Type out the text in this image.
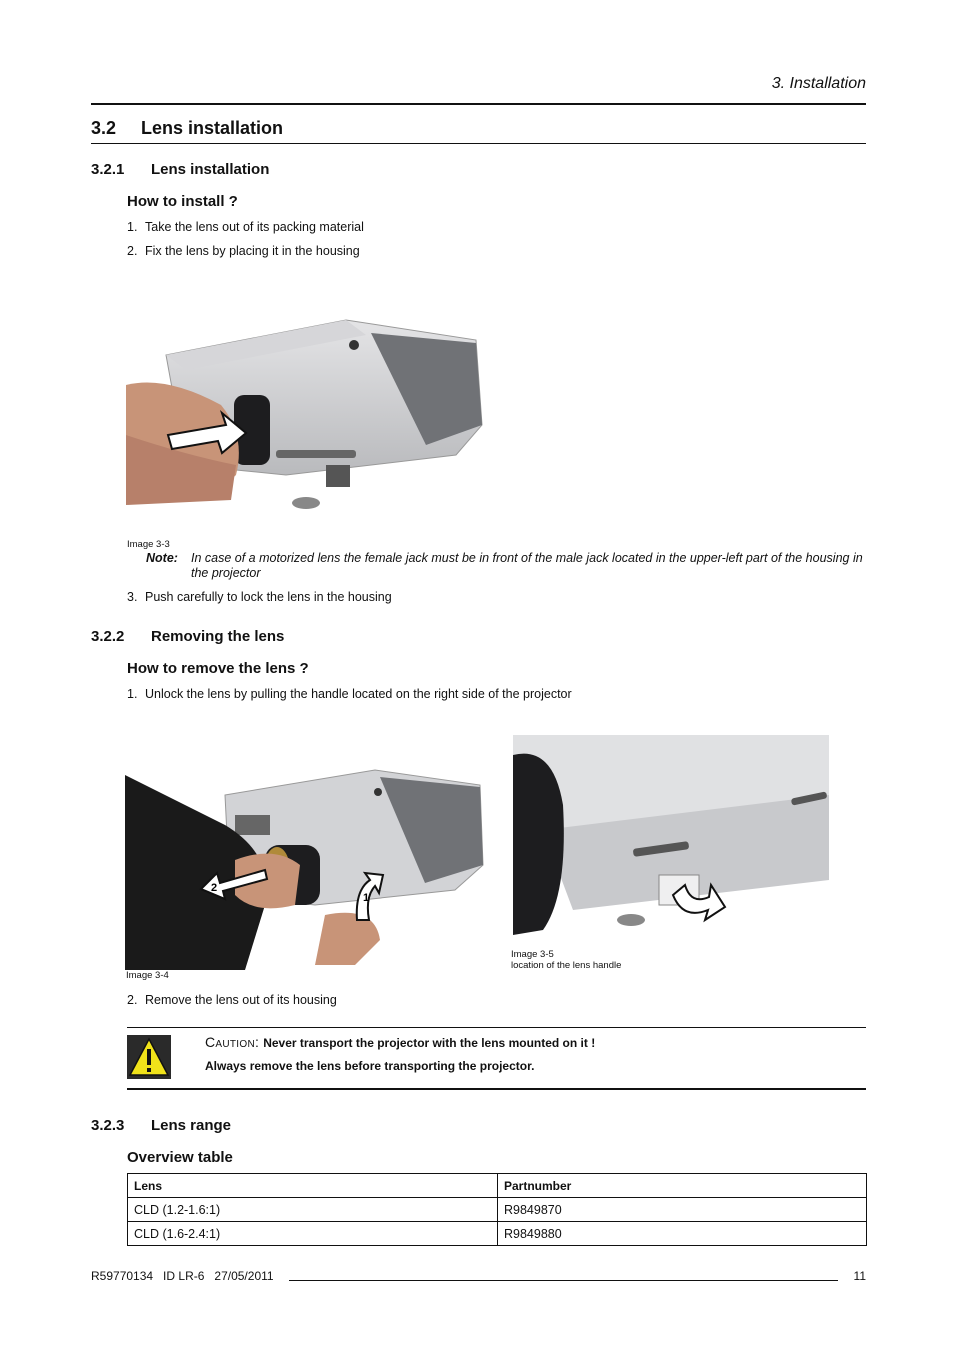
3. Installation
3.2 Lens installation
3.2.1 Lens installation
How to install ?
1. Take the lens out of its packing material
2. Fix the lens by placing it in the housing
Image 3-3
Note: In case of a motorized lens the female jack must be in front of the male jack located in the upper-left part of the housing in the projector
3. Push carefully to lock the lens in the housing
3.2.2 Removing the lens
How to remove the lens ?
1. Unlock the lens by pulling the handle located on the right side of the projector
2
1
Image 3-4
Image 3-5
location of the lens handle
2. Remove the lens out of its housing
Caution: Never transport the projector with the lens mounted on it !
Always remove the lens before transporting the projector.
3.2.3 Lens range
Overview table
Lens	Partnumber
CLD (1.2-1.6:1)	R9849870
CLD (1.6-2.4:1)	R9849880
R59770134   ID LR-6   27/05/2011	11
